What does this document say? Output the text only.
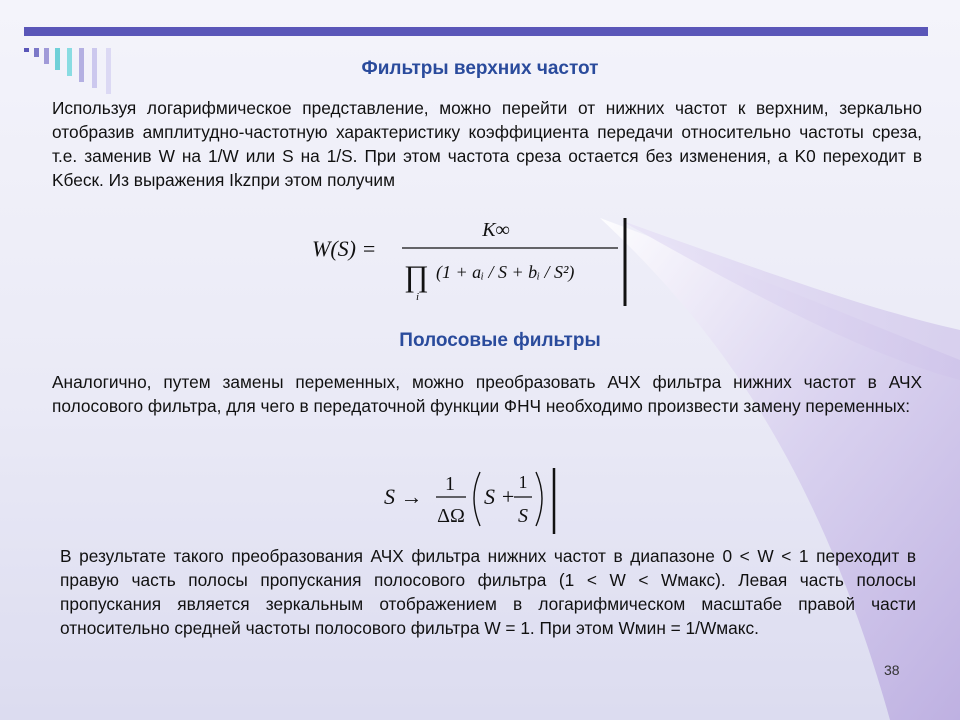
Фильтры верхних частот
Используя логарифмическое представление, можно перейти от нижних частот к верхним, зеркально отобразив амплитудно-частотную характеристику коэффициента передачи относительно частоты среза, т.е. заменив W на 1/W или S на 1/S. При этом частота среза остается без изменения, а K0 переходит в Kбеск. Из выражения Ikzпри этом получим
W(S) =
K∞
∏
i
(1 + aᵢ / S + bᵢ / S²)
Полосовые фильтры
Аналогично, путем замены переменных, можно преобразовать АЧХ фильтра нижних частот в АЧХ полосового фильтра, для чего в передаточной функции ФНЧ необходимо произвести замену переменных:
S → 1
ΔΩ
S +
1
S
В результате такого преобразования АЧХ фильтра нижних частот в диапазоне 0 < W < 1 переходит в правую часть полосы пропускания полосового фильтра (1 < W < Wмакс). Левая часть полосы пропускания является зеркальным отображением в логарифмическом масштабе правой части относительно средней частоты полосового фильтра W = 1. При этом Wмин = 1/Wмакс.
38
